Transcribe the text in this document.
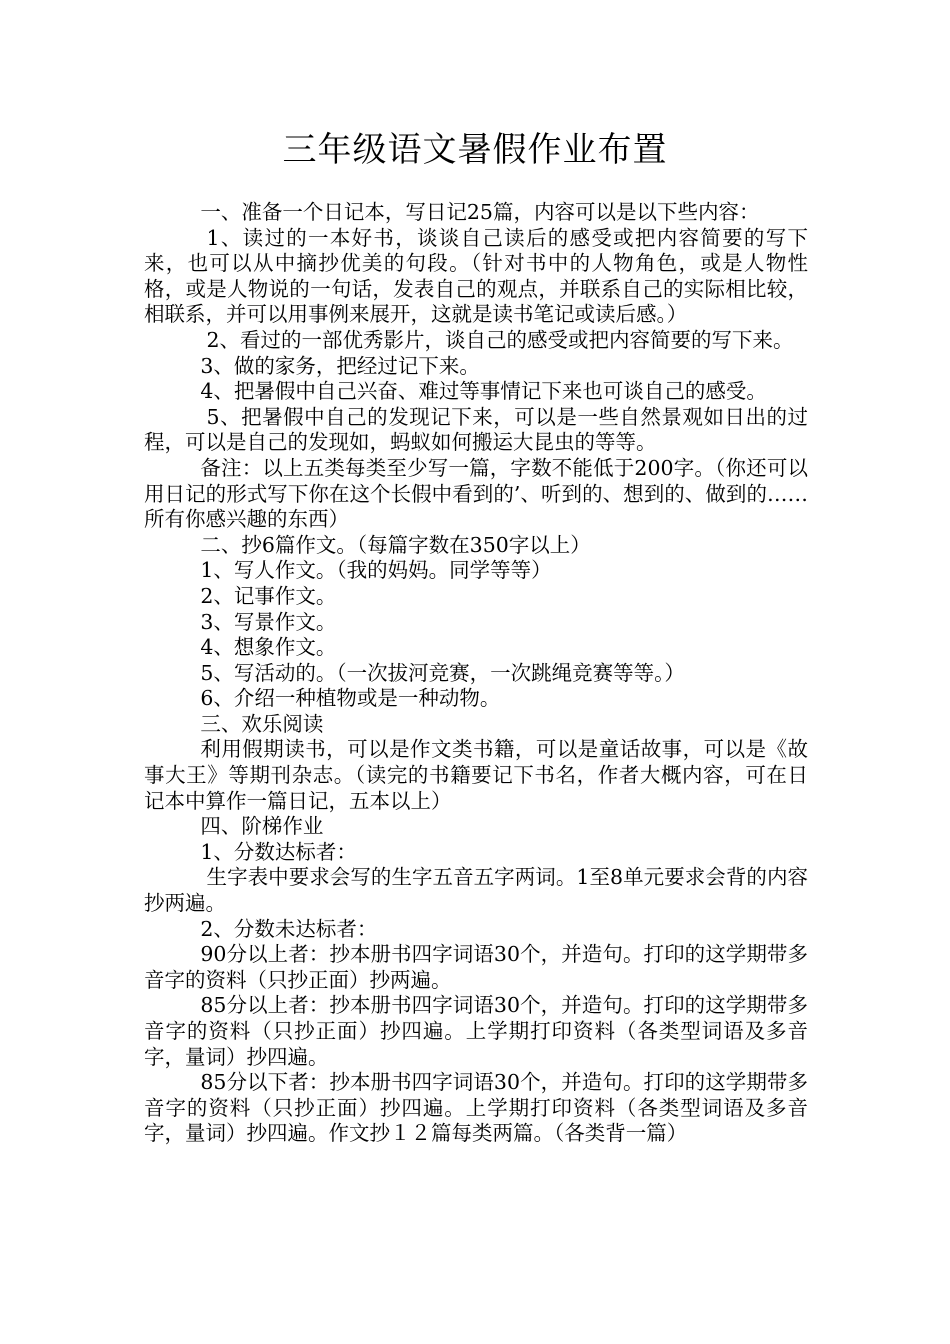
三年级语文暑假作业布置

一、准备一个日记本，写日记25篇，内容可以是以下些内容：

1、读过的一本好书，谈谈自己读后的感受或把内容简要的写下来，也可以从中摘抄优美的句段。（针对书中的人物角色，或是人物性格，或是人物说的一句话，发表自己的观点，并联系自己的实际相比较，相联系，并可以用事例来展开，这就是读书笔记或读后感。）

2、看过的一部优秀影片，谈自己的感受或把内容简要的写下来。

3、做的家务，把经过记下来。

4、把暑假中自己兴奋、难过等事情记下来也可谈自己的感受。

5、把暑假中自己的发现记下来，可以是一些自然景观如日出的过程，可以是自己的发现如，蚂蚁如何搬运大昆虫的等等。

备注：以上五类每类至少写一篇，字数不能低于200字。（你还可以用日记的形式写下你在这个长假中看到的’、听到的、想到的、做到的……所有你感兴趣的东西）

二、抄6篇作文。（每篇字数在350字以上）

1、写人作文。（我的妈妈。同学等等）

2、记事作文。

3、写景作文。

4、想象作文。

5、写活动的。（一次拔河竞赛，一次跳绳竞赛等等。）

6、介绍一种植物或是一种动物。

三、欢乐阅读

利用假期读书，可以是作文类书籍，可以是童话故事，可以是《故事大王》等期刊杂志。（读完的书籍要记下书名，作者大概内容，可在日记本中算作一篇日记，五本以上）

四、阶梯作业

1、分数达标者：

生字表中要求会写的生字五音五字两词。1至8单元要求会背的内容抄两遍。

2、分数未达标者：

90分以上者：抄本册书四字词语30个，并造句。打印的这学期带多音字的资料（只抄正面）抄两遍。

85分以上者：抄本册书四字词语30个，并造句。打印的这学期带多音字的资料（只抄正面）抄四遍。上学期打印资料（各类型词语及多音字，量词）抄四遍。

85分以下者：抄本册书四字词语30个，并造句。打印的这学期带多音字的资料（只抄正面）抄四遍。上学期打印资料（各类型词语及多音字，量词）抄四遍。作文抄１２篇每类两篇。（各类背一篇）
